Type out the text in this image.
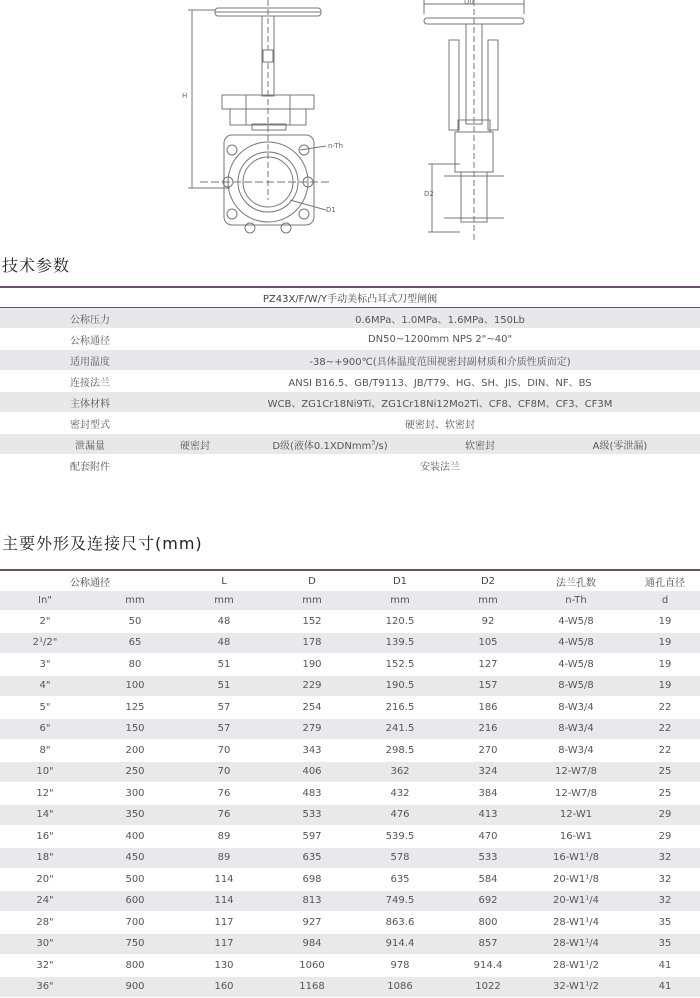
H
D1
n-Th
D0
D2
技术参数
PZ43X/F/W/Y手动美标凸耳式刀型闸阀				
公称压力	0.6MPa、1.0MPa、1.6MPa、150Lb			
公称通径	DN50~1200mm NPS 2"~40"			
适用温度	-38~+900℃(具体温度范围视密封副材质和介质性质而定)			
连接法兰	ANSI B16.5、GB/T9113、JB/T79、HG、SH、JIS、DIN、NF、BS			
主体材料	WCB、ZG1Cr18Ni9Ti、ZG1Cr18Ni12Mo2Ti、CF8、CF8M、CF3、CF3M			
密封型式	硬密封、软密封			
泄漏量	硬密封	D级(液体0.1XDNmm$^3$/s)	软密封	A级(零泄漏)
配套附件	安装法兰			
主要外形及连接尺寸(mm)
公称通径		L	D	D1	D2	法兰孔数	通孔直径
In"	mm	mm	mm	mm	mm	n-Th	d
2"	50	48	152	120.5	92	4-W5/8	19
2¹/2"	65	48	178	139.5	105	4-W5/8	19
3"	80	51	190	152.5	127	4-W5/8	19
4"	100	51	229	190.5	157	8-W5/8	19
5"	125	57	254	216.5	186	8-W3/4	22
6"	150	57	279	241.5	216	8-W3/4	22
8"	200	70	343	298.5	270	8-W3/4	22
10"	250	70	406	362	324	12-W7/8	25
12"	300	76	483	432	384	12-W7/8	25
14"	350	76	533	476	413	12-W1	29
16"	400	89	597	539.5	470	16-W1	29
18"	450	89	635	578	533	16-W1¹/8	32
20"	500	114	698	635	584	20-W1¹/8	32
24"	600	114	813	749.5	692	20-W1¹/4	32
28"	700	117	927	863.6	800	28-W1¹/4	35
30"	750	117	984	914.4	857	28-W1¹/4	35
32"	800	130	1060	978	914.4	28-W1¹/2	41
36"	900	160	1168	1086	1022	32-W1¹/2	41
